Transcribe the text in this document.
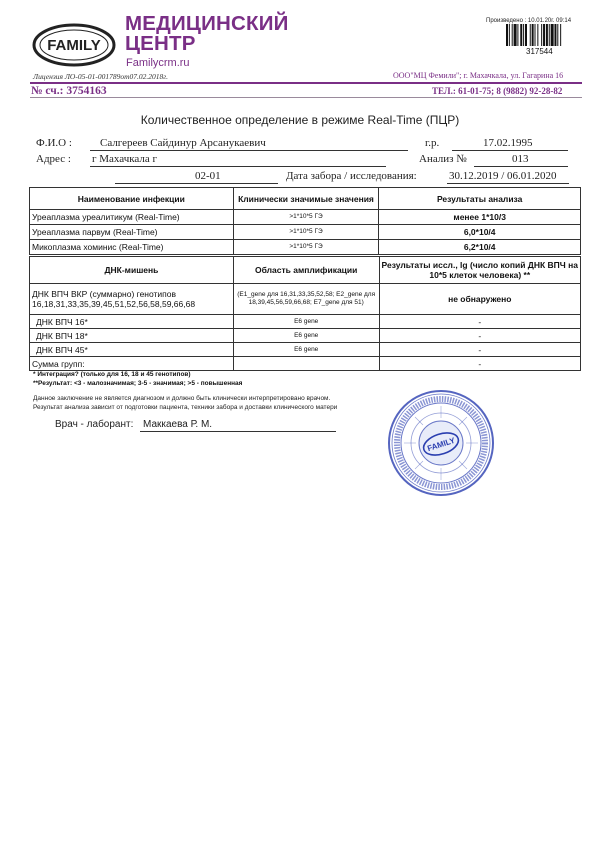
FAMILY
МЕДИЦИНСКИЙ
ЦЕНТР
Familycrm.ru
Произведено : 10.01.20г. 09:14
317544
Лицензия ЛО-05-01-001789от07.02.2018г.	ООО"МЦ Фемили"; г. Махачкала, ул. Гагарина 16
№ сч.: 3754163	ТЕЛ.: 61-01-75; 8 (9882) 92-28-82
Количественное определение в режиме Real-Time (ПЦР)
Ф.И.О :	Салгереев Сайдинур Арсанукаевич	г.р.	17.02.1995
Адрес : г Махачкала г	Анализ №	013
02-01	Дата забора / исследования:	30.12.2019 / 06.01.2020
Наименование инфекции	Клинически значимые значения	Результаты анализа
Уреаплазма уреалитикум (Real-Time)	>1*10*5 ГЭ	менее 1*10/3
Уреаплазма парвум (Real-Time)	>1*10*5 ГЭ	6,0*10/4
Микоплазма хоминис (Real-Time)	>1*10*5 ГЭ	6,2*10/4
ДНК-мишень	Область амплификации	Результаты иссл., lg (число копий ДНК ВПЧ на 10*5 клеток человека) **
ДНК ВПЧ ВКР (суммарно) генотипов 16,18,31,33,35,39,45,51,52,56,58,59,66,68	(E1_gene для 16,31,33,35,52,58; E2_gene для 18,39,45,56,59,66,68; E7_gene для 51)	не обнаружено
ДНК ВПЧ 16*	E6 gene	-
ДНК ВПЧ 18*	E6 gene	-
ДНК ВПЧ 45*	E6 gene	-
Сумма групп:		-
* Интеграция? (только для 16, 18 и 45 генотипов)
**Результат: <3 - малозначимая; 3-5 - значимая; >5 - повышенная
Данное заключение не является диагнозом и должно быть клинически интерпретировано врачом.
Результат анализа зависит от подготовки пациента, техники забора и доставки клинического матери
Врач - лаборант: Маккаева Р. М.
FAMILY
